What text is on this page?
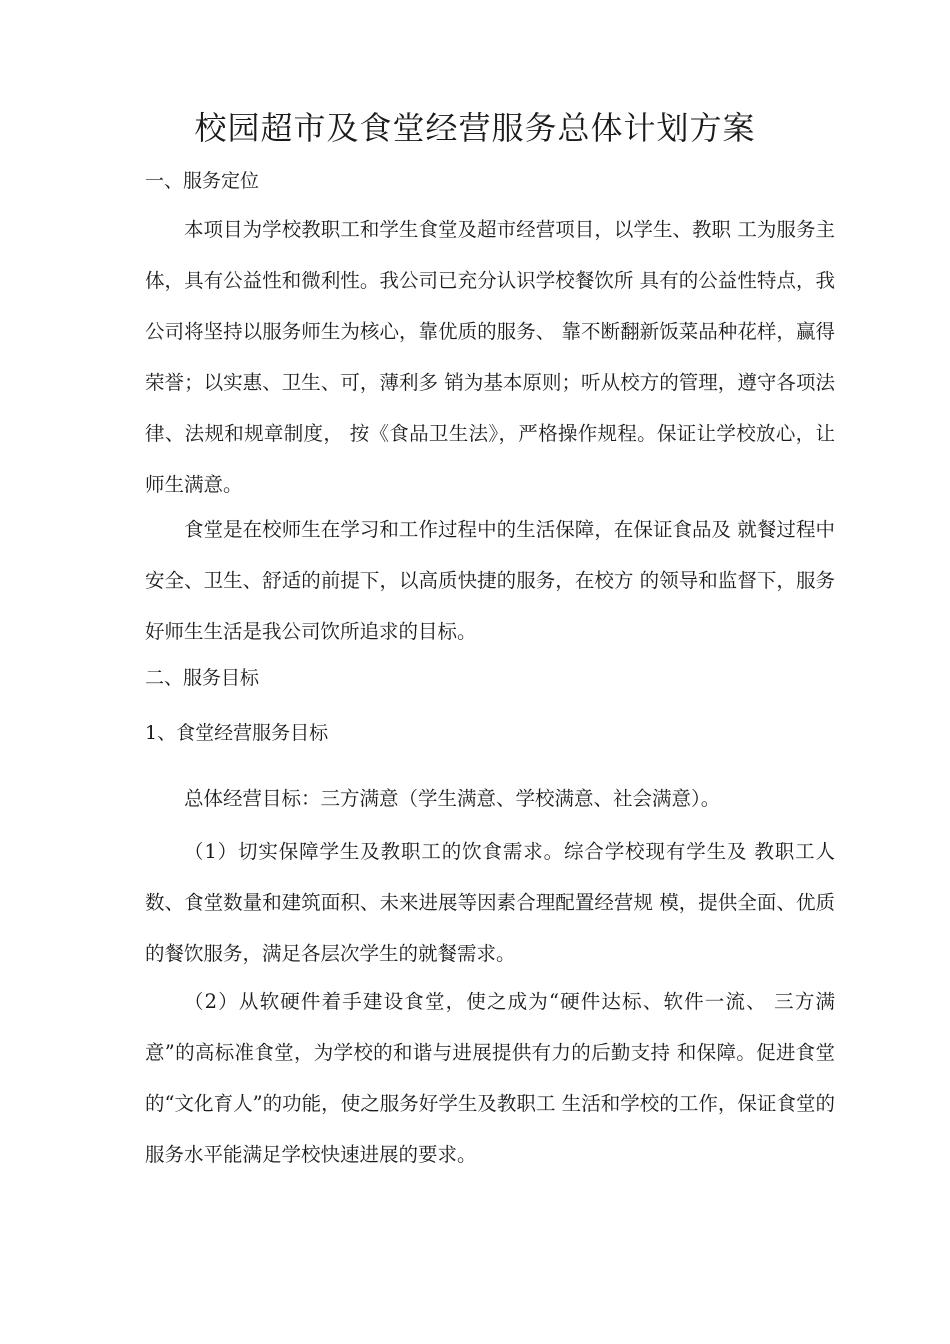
校园超市及食堂经营服务总体计划方案

一、服务定位

本项目为学校教职工和学生食堂及超市经营项目，以学生、教职 工为服务主体，具有公益性和微利性。我公司已充分认识学校餐饮所 具有的公益性特点，我公司将坚持以服务师生为核心，靠优质的服务、 靠不断翻新饭菜品种花样，赢得荣誉；以实惠、卫生、可，薄利多 销为基本原则；听从校方的管理，遵守各项法律、法规和规章制度， 按《食品卫生法》，严格操作规程。保证让学校放心，让师生满意。

食堂是在校师生在学习和工作过程中的生活保障，在保证食品及 就餐过程中安全、卫生、舒适的前提下，以高质快捷的服务，在校方 的领导和监督下，服务好师生生活是我公司饮所追求的目标。

二、服务目标

1、食堂经营服务目标

总体经营目标：三方满意（学生满意、学校满意、社会满意）。

（1）切实保障学生及教职工的饮食需求。综合学校现有学生及 教职工人数、食堂数量和建筑面积、未来进展等因素合理配置经营规 模，提供全面、优质的餐饮服务，满足各层次学生的就餐需求。

（2）从软硬件着手建设食堂，使之成为“硬件达标、软件一流、 三方满意”的高标准食堂，为学校的和谐与进展提供有力的后勤支持 和保障。促进食堂的“文化育人”的功能，使之服务好学生及教职工 生活和学校的工作，保证食堂的服务水平能满足学校快速进展的要求。
